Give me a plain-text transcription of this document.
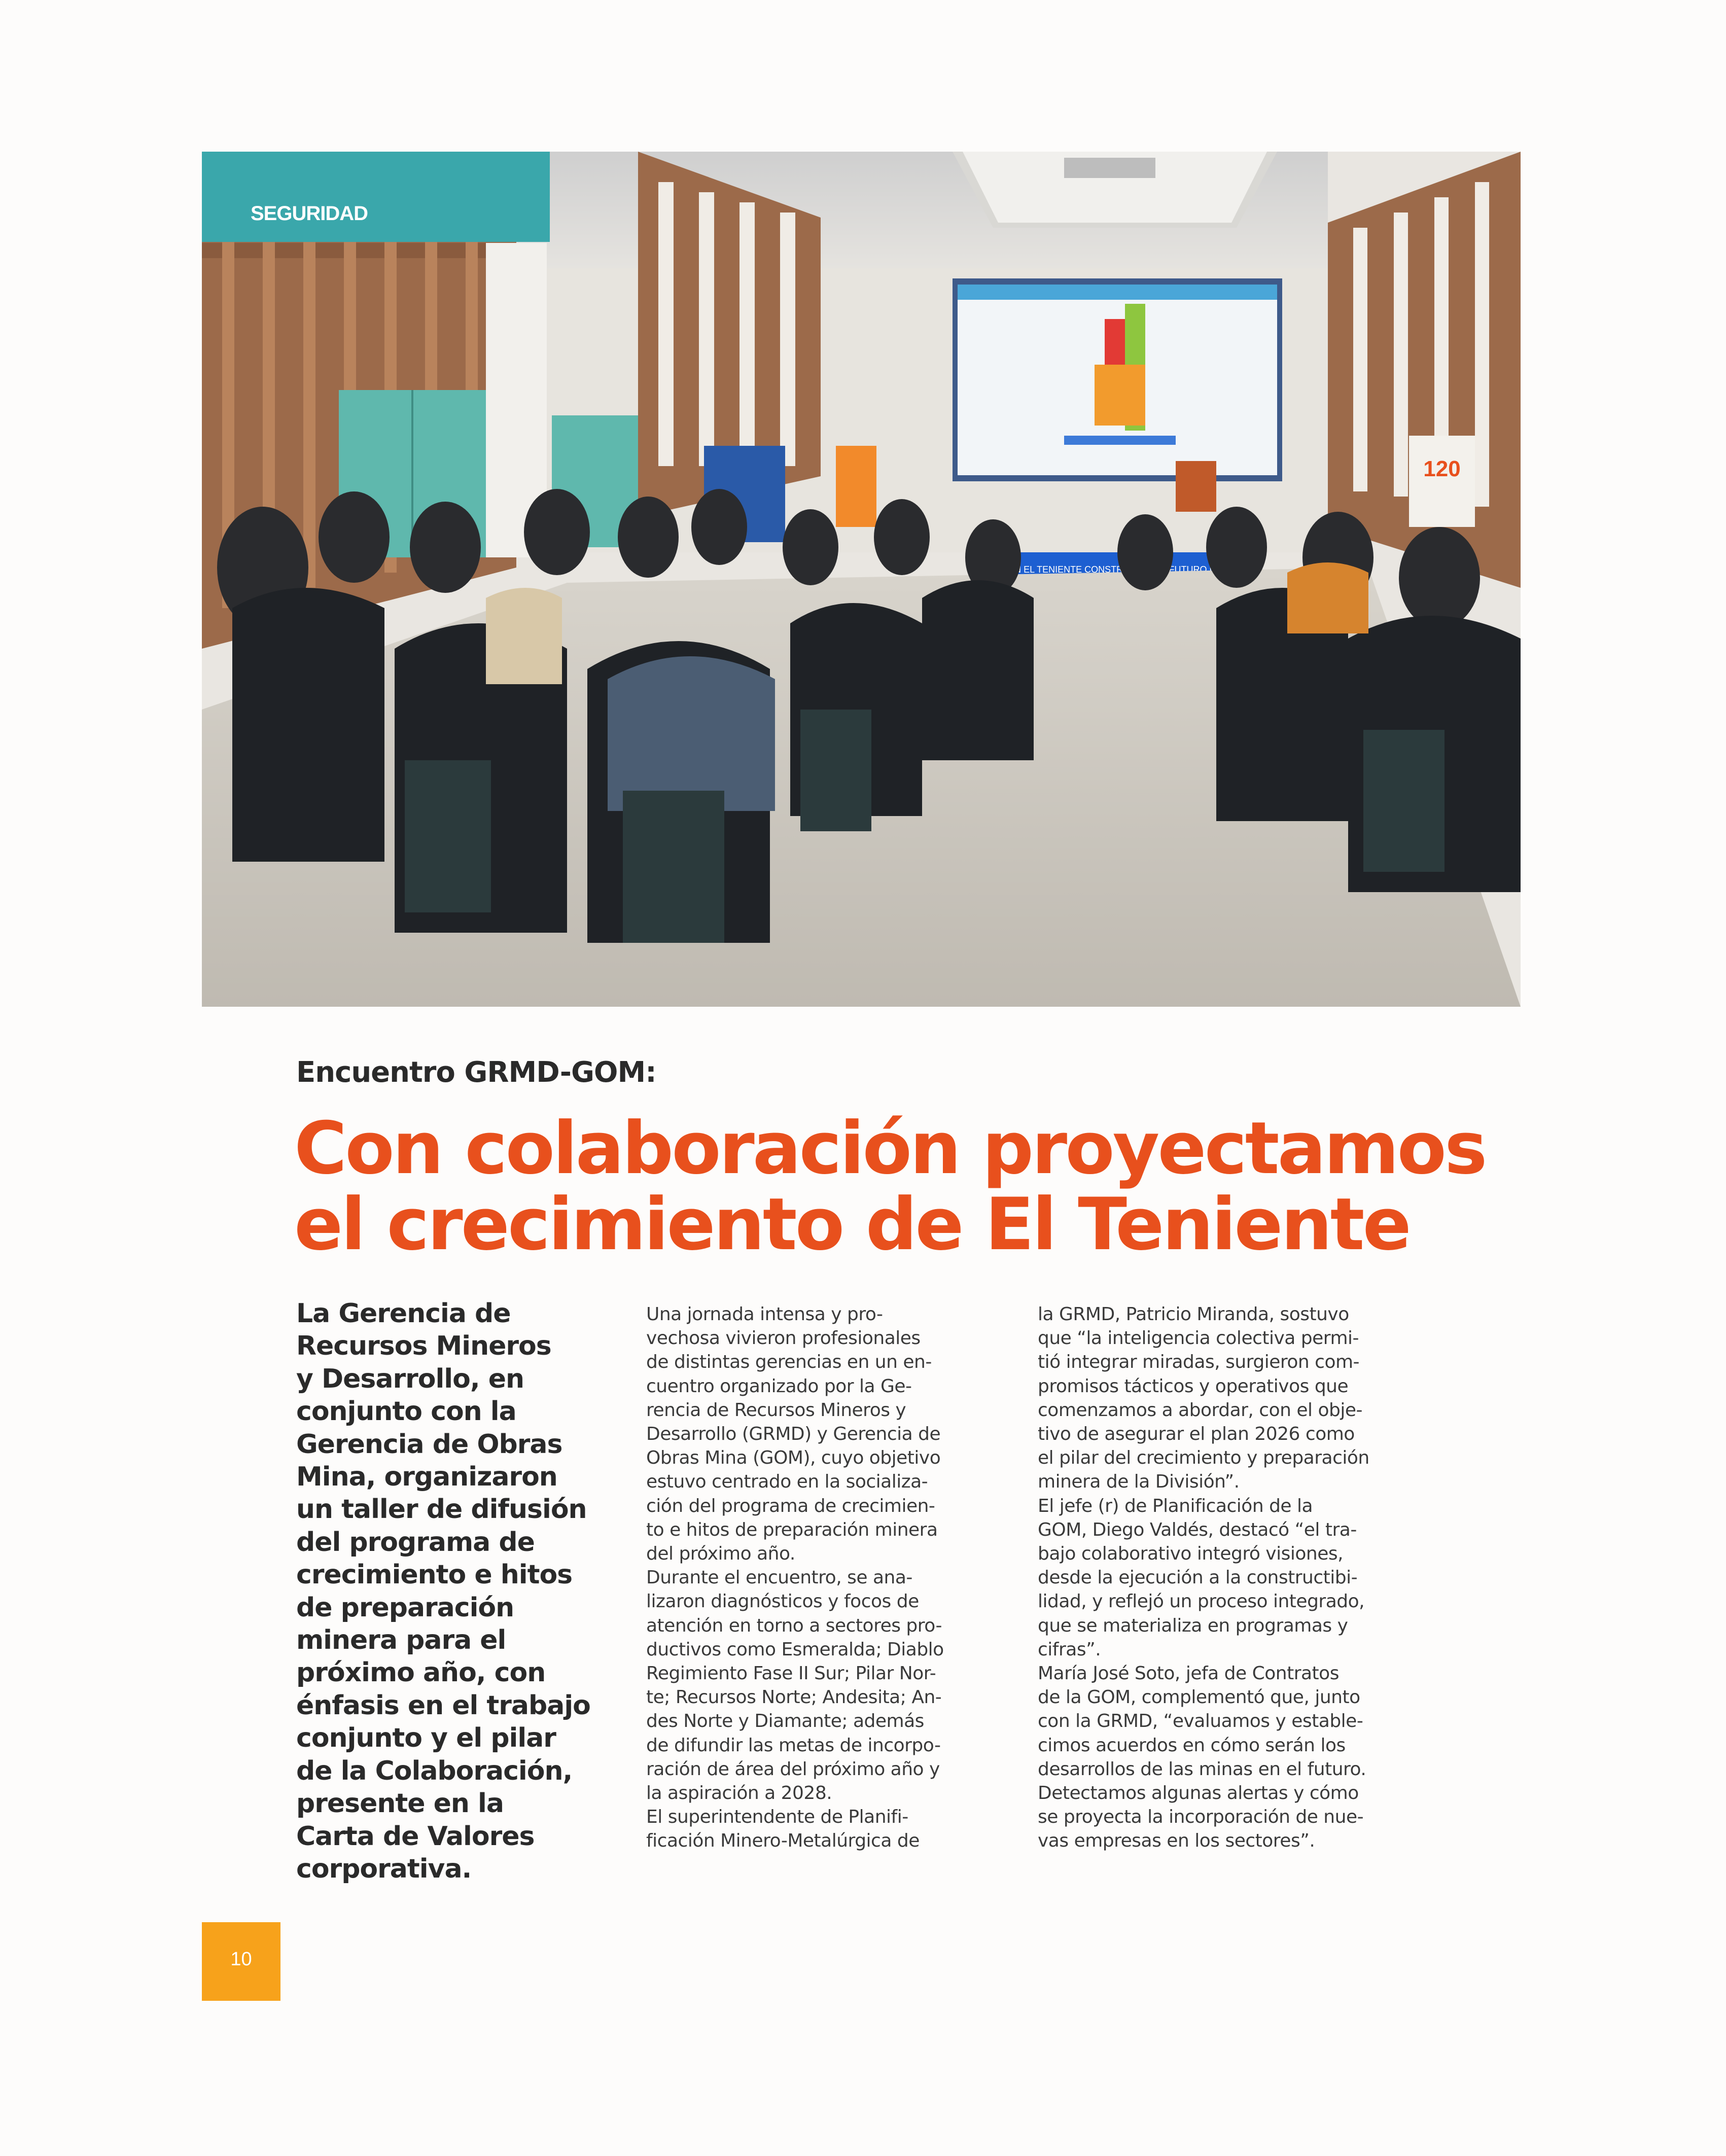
120
EL TENIENTE CONSTRUIMOS FUTURO
SEGURIDAD
Encuentro GRMD-GOM:
Con colaboración proyectamos
el crecimiento de El Teniente
La Gerencia de
Recursos Mineros
y Desarrollo, en
conjunto con la
Gerencia de Obras
Mina, organizaron
un taller de difusión
del programa de
crecimiento e hitos
de preparación
minera para el
próximo año, con
énfasis en el trabajo
conjunto y el pilar
de la Colaboración,
presente en la
Carta de Valores
corporativa.
Una jornada intensa y pro-
vechosa vivieron profesionales
de distintas gerencias en un en-
cuentro organizado por la Ge-
rencia de Recursos Mineros y
Desarrollo (GRMD) y Gerencia de
Obras Mina (GOM), cuyo objetivo
estuvo centrado en la socializa-
ción del programa de crecimien-
to e hitos de preparación minera
del próximo año.
Durante el encuentro, se ana-
lizaron diagnósticos y focos de
atención en torno a sectores pro-
ductivos como Esmeralda; Diablo
Regimiento Fase II Sur; Pilar Nor-
te; Recursos Norte; Andesita; An-
des Norte y Diamante; además
de difundir las metas de incorpo-
ración de área del próximo año y
la aspiración a 2028.
El superintendente de Planifi-
ficación Minero-Metalúrgica de
la GRMD, Patricio Miranda, sostuvo
que “la inteligencia colectiva permi-
tió integrar miradas, surgieron com-
promisos tácticos y operativos que
comenzamos a abordar, con el obje-
tivo de asegurar el plan 2026 como
el pilar del crecimiento y preparación
minera de la División”.
El jefe (r) de Planificación de la
GOM, Diego Valdés, destacó “el tra-
bajo colaborativo integró visiones,
desde la ejecución a la constructibi-
lidad, y reflejó un proceso integrado,
que se materializa en programas y
cifras”.
María José Soto, jefa de Contratos
de la GOM, complementó que, junto
con la GRMD, “evaluamos y estable-
cimos acuerdos en cómo serán los
desarrollos de las minas en el futuro.
Detectamos algunas alertas y cómo
se proyecta la incorporación de nue-
vas empresas en los sectores”.
10
